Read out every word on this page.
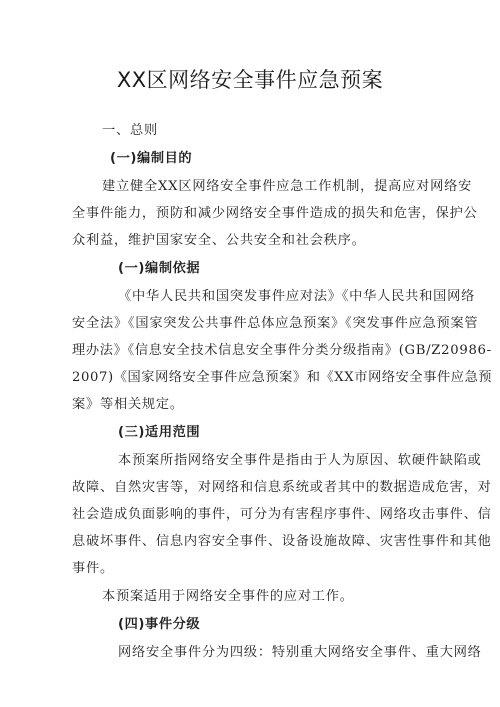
XX区网络安全事件应急预案
一、总则
(一)编制目的
建立健全XX区网络安全事件应急工作机制，提高应对网络安
全事件能力，预防和减少网络安全事件造成的损失和危害，保护公
众利益，维护国家安全、公共安全和社会秩序。
(一)编制依据
《中华人民共和国突发事件应对法》《中华人民共和国网络
安全法》《国家突发公共事件总体应急预案》《突发事件应急预案管
理办法》《信息安全技术信息安全事件分类分级指南》(GB/Z20986-
2007)《国家网络安全事件应急预案》和《XX市网络安全事件应急预
案》等相关规定。
(三)适用范围
本预案所指网络安全事件是指由于人为原因、软硬件缺陷或
故障、自然灾害等，对网络和信息系统或者其中的数据造成危害，对
社会造成负面影响的事件，可分为有害程序事件、网络攻击事件、信
息破坏事件、信息内容安全事件、设备设施故障、灾害性事件和其他
事件。
本预案适用于网络安全事件的应对工作。
(四)事件分级
网络安全事件分为四级：特别重大网络安全事件、重大网络
